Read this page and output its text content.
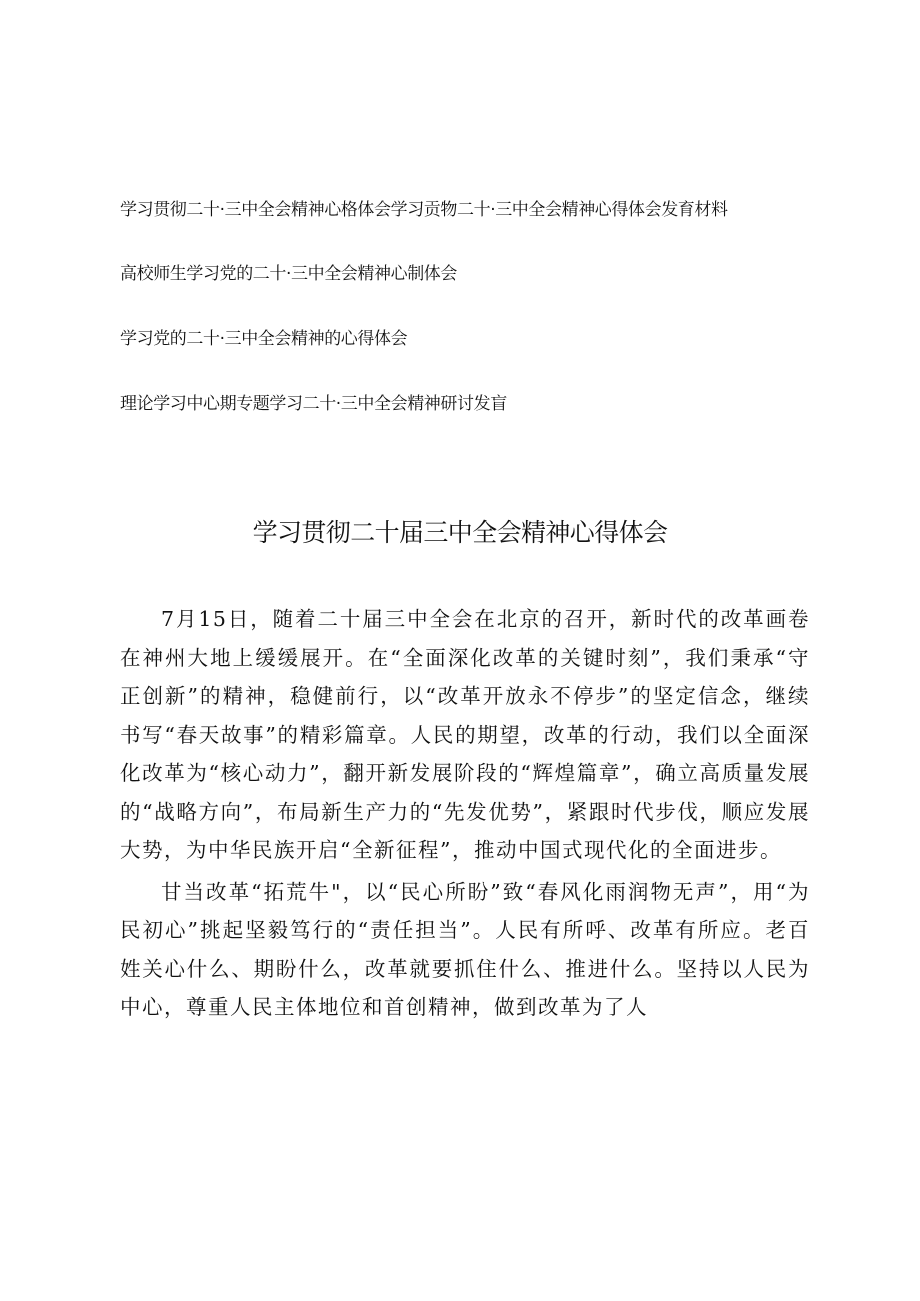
学习贯彻二十·三中全会精神心格体会学习贡物二十·三中全会精神心得体会发育材料
高校师生学习党的二十·三中全会精神心制体会
学习党的二十·三中全会精神的心得体会
理论学习中心期专题学习二十·三中全会精神研讨发盲
学习贯彻二十届三中全会精神心得体会

7月15日，随着二十届三中全会在北京的召开，新时代的改革画卷在神州大地上缓缓展开。在“全面深化改革的关键时刻”，我们秉承“守正创新”的精神，稳健前行，以“改革开放永不停步”的坚定信念，继续书写“春天故事”的精彩篇章。人民的期望，改革的行动，我们以全面深化改革为“核心动力”，翻开新发展阶段的“辉煌篇章”，确立高质量发展的“战略方向”，布局新生产力的“先发优势”，紧跟时代步伐，顺应发展大势，为中华民族开启“全新征程”，推动中国式现代化的全面进步。

甘当改革“拓荒牛"，以“民心所盼”致“春风化雨润物无声”，用“为民初心”挑起坚毅笃行的“责任担当”。人民有所呼、改革有所应。老百姓关心什么、期盼什么，改革就要抓住什么、推进什么。坚持以人民为中心，尊重人民主体地位和首创精神，做到改革为了人
